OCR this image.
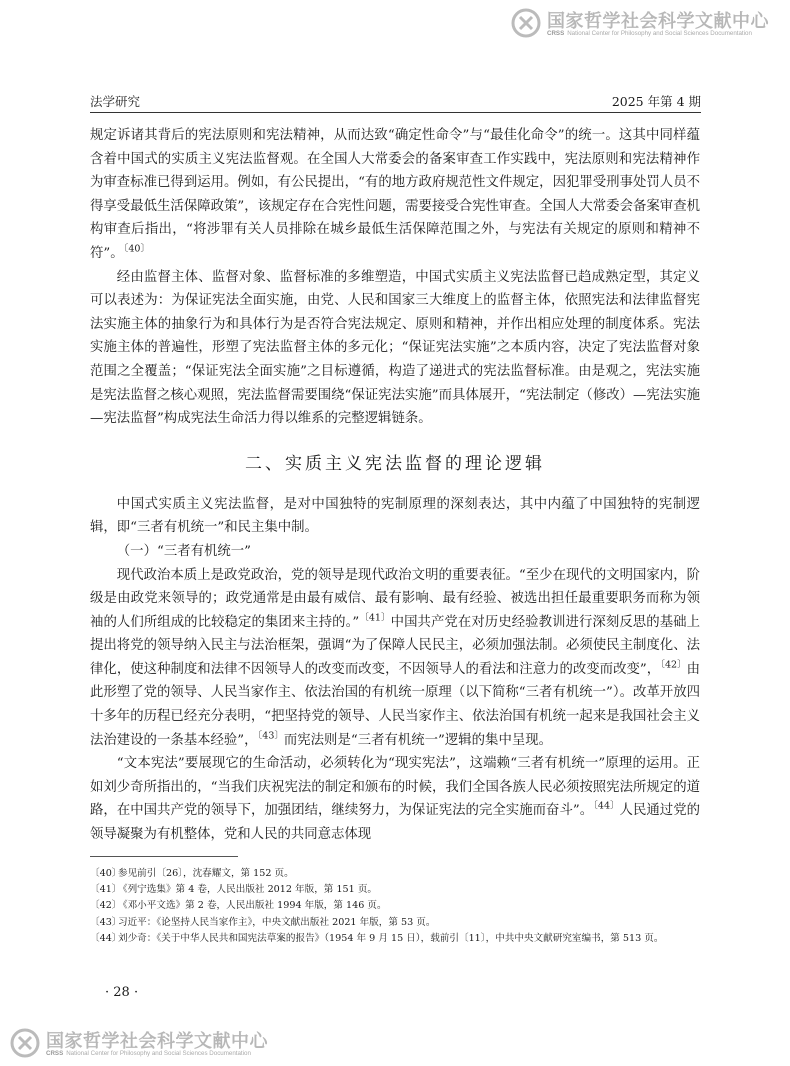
国家哲学社会科学文献中心
CRSS National Center for Philosophy and Social Sciences Documentation
法学研究	2025 年第 4 期

规定诉诸其背后的宪法原则和宪法精神，从而达致“确定性命令”与“最佳化命令”的统一。这其中同样蕴含着中国式的实质主义宪法监督观。在全国人大常委会的备案审查工作实践中，宪法原则和宪法精神作为审查标准已得到运用。例如，有公民提出，“有的地方政府规范性文件规定，因犯罪受刑事处罚人员不得享受最低生活保障政策”，该规定存在合宪性问题，需要接受合宪性审查。全国人大常委会备案审查机构审查后指出，“将涉罪有关人员排除在城乡最低生活保障范围之外，与宪法有关规定的原则和精神不符”。$^{〔40〕}$

经由监督主体、监督对象、监督标准的多维塑造，中国式实质主义宪法监督已趋成熟定型，其定义可以表述为：为保证宪法全面实施，由党、人民和国家三大维度上的监督主体，依照宪法和法律监督宪法实施主体的抽象行为和具体行为是否符合宪法规定、原则和精神，并作出相应处理的制度体系。宪法实施主体的普遍性，形塑了宪法监督主体的多元化；“保证宪法实施”之本质内容，决定了宪法监督对象范围之全覆盖；“保证宪法全面实施”之目标遵循，构造了递进式的宪法监督标准。由是观之，宪法实施是宪法监督之核心观照，宪法监督需要围绕“保证宪法实施”而具体展开，“宪法制定（修改）—宪法实施—宪法监督”构成宪法生命活力得以维系的完整逻辑链条。

二、实质主义宪法监督的理论逻辑

中国式实质主义宪法监督，是对中国独特的宪制原理的深刻表达，其中内蕴了中国独特的宪制逻辑，即“三者有机统一”和民主集中制。

（一）“三者有机统一”

现代政治本质上是政党政治，党的领导是现代政治文明的重要表征。“至少在现代的文明国家内，阶级是由政党来领导的；政党通常是由最有威信、最有影响、最有经验、被选出担任最重要职务而称为领袖的人们所组成的比较稳定的集团来主持的。”$^{〔41〕}$中国共产党在对历史经验教训进行深刻反思的基础上提出将党的领导纳入民主与法治框架，强调“为了保障人民民主，必须加强法制。必须使民主制度化、法律化，使这种制度和法律不因领导人的改变而改变，不因领导人的看法和注意力的改变而改变”，$^{〔42〕}$由此形塑了党的领导、人民当家作主、依法治国的有机统一原理（以下简称“三者有机统一”）。改革开放四十多年的历程已经充分表明，“把坚持党的领导、人民当家作主、依法治国有机统一起来是我国社会主义法治建设的一条基本经验”，$^{〔43〕}$而宪法则是“三者有机统一”逻辑的集中呈现。

“文本宪法”要展现它的生命活动，必须转化为“现实宪法”，这端赖“三者有机统一”原理的运用。正如刘少奇所指出的，“当我们庆祝宪法的制定和颁布的时候，我们全国各族人民必须按照宪法所规定的道路，在中国共产党的领导下，加强团结，继续努力，为保证宪法的完全实施而奋斗”。$^{〔44〕}$人民通过党的领导凝聚为有机整体，党和人民的共同意志体现

〔40〕
参见前引〔26〕，沈春耀文，第 152 页。
〔41〕
《列宁选集》第 4 卷，人民出版社 2012 年版，第 151 页。
〔42〕
《邓小平文选》第 2 卷，人民出版社 1994 年版，第 146 页。
〔43〕
习近平：《论坚持人民当家作主》，中央文献出版社 2021 年版，第 53 页。
〔44〕
刘少奇：《关于中华人民共和国宪法草案的报告》（1954 年 9 月 15 日），载前引〔11〕，中共中央文献研究室编书，第 513 页。
· 28 ·
国家哲学社会科学文献中心
CRSS National Center for Philosophy and Social Sciences Documentation
